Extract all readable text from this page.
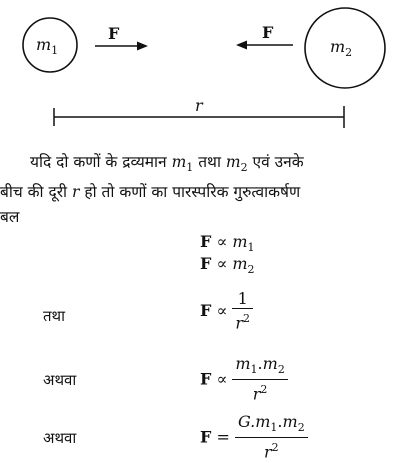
$m_1$	$m_2$
F	F
r
यदि दो कणों के द्रव्यमान $m_1$ तथा $m_2$ एवं उनके
बीच की दूरी r हो तो कणों का पारस्परिक गुरुत्वाकर्षण
बल
$F \propto m_1$
$F \propto m_2$
तथा	$F \propto \frac{1}{r^2}$
अथवा	$F \propto \frac{m_1.m_2}{r^2}$
अथवा	$F = \frac{G.m_1.m_2}{r^2}$
